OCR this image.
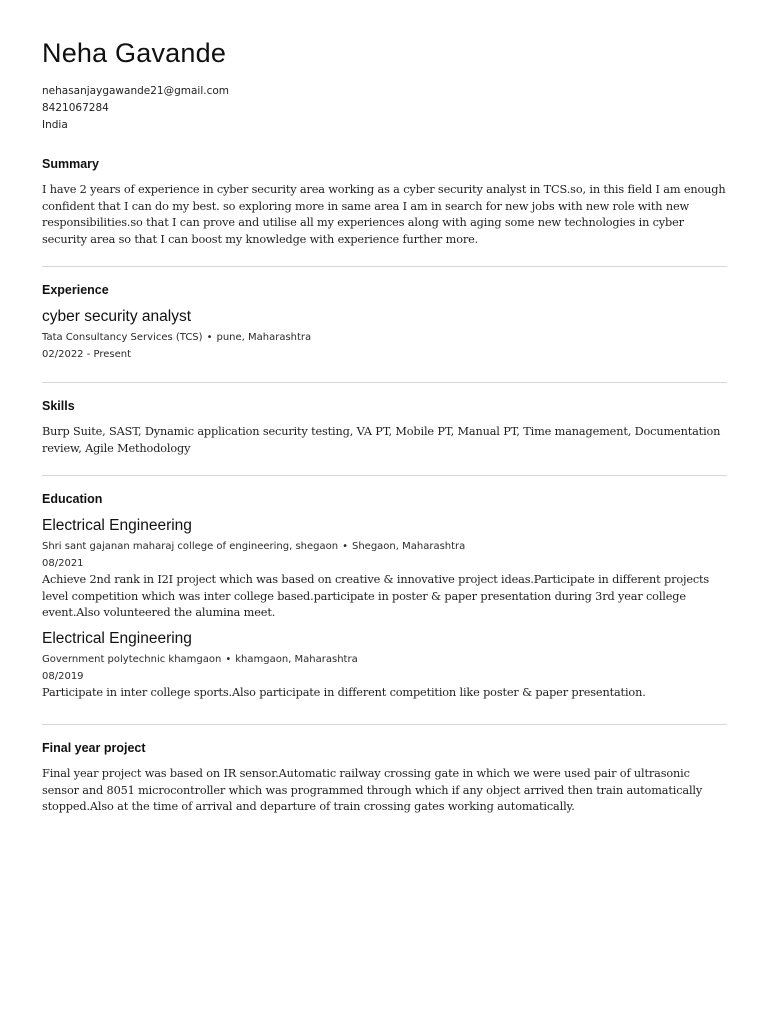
Neha Gavande
nehasanjaygawande21@gmail.com
8421067284
India
Summary
I have 2 years of experience in cyber security area working as a cyber security analyst in TCS.so, in this field I am enough confident that I can do my best. so exploring more in same area I am in search for new jobs with new role with new responsibilities.so that I can prove and utilise all my experiences along with aging some new technologies in cyber security area so that I can boost my knowledge with experience further more.
Experience
cyber security analyst
Tata Consultancy Services (TCS) • pune, Maharashtra
02/2022 - Present
Skills
Burp Suite, SAST, Dynamic application security testing, VA PT, Mobile PT, Manual PT, Time management, Documentation review, Agile Methodology
Education
Electrical Engineering
Shri sant gajanan maharaj college of engineering, shegaon • Shegaon, Maharashtra
08/2021
Achieve 2nd rank in I2I project which was based on creative & innovative project ideas.Participate in different projects level competition which was inter college based.participate in poster & paper presentation during 3rd year college event.Also volunteered the alumina meet.
Electrical Engineering
Government polytechnic khamgaon • khamgaon, Maharashtra
08/2019
Participate in inter college sports.Also participate in different competition like poster & paper presentation.
Final year project
Final year project was based on IR sensor.Automatic railway crossing gate in which we were used pair of ultrasonic sensor and 8051 microcontroller which was programmed through which if any object arrived then train automatically stopped.Also at the time of arrival and departure of train crossing gates working automatically.
